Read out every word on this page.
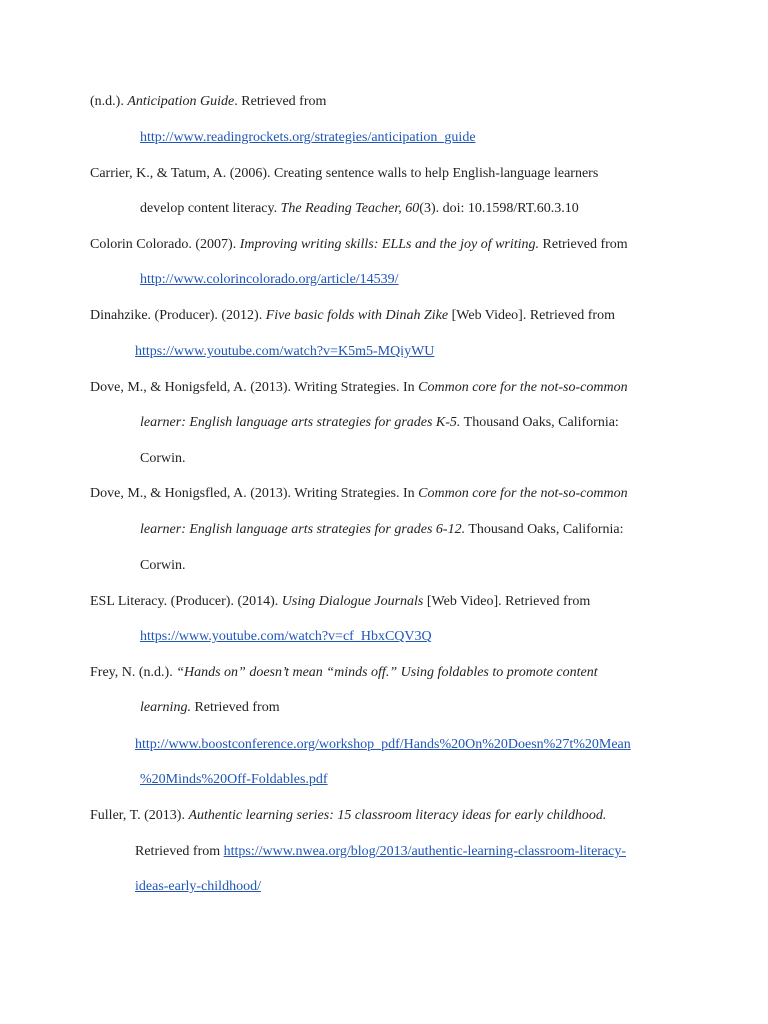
(n.d.). Anticipation Guide. Retrieved from
http://www.readingrockets.org/strategies/anticipation_guide
Carrier, K., & Tatum, A. (2006). Creating sentence walls to help English-language learners
develop content literacy. The Reading Teacher, 60(3). doi: 10.1598/RT.60.3.10
Colorin Colorado. (2007). Improving writing skills: ELLs and the joy of writing. Retrieved from
http://www.colorincolorado.org/article/14539/
Dinahzike. (Producer). (2012). Five basic folds with Dinah Zike [Web Video]. Retrieved from
https://www.youtube.com/watch?v=K5m5-MQiyWU
Dove, M., & Honigsfeld, A. (2013). Writing Strategies. In Common core for the not-so-common
learner: English language arts strategies for grades K-5. Thousand Oaks, California:
Corwin.
Dove, M., & Honigsfled, A. (2013). Writing Strategies. In Common core for the not-so-common
learner: English language arts strategies for grades 6-12. Thousand Oaks, California:
Corwin.
ESL Literacy. (Producer). (2014). Using Dialogue Journals [Web Video]. Retrieved from
https://www.youtube.com/watch?v=cf_HbxCQV3Q
Frey, N. (n.d.). “Hands on” doesn’t mean “minds off.” Using foldables to promote content
learning. Retrieved from
http://www.boostconference.org/workshop_pdf/Hands%20On%20Doesn%27t%20Mean
%20Minds%20Off-Foldables.pdf
Fuller, T. (2013). Authentic learning series: 15 classroom literacy ideas for early childhood.
Retrieved from https://www.nwea.org/blog/2013/authentic-learning-classroom-literacy-
ideas-early-childhood/
